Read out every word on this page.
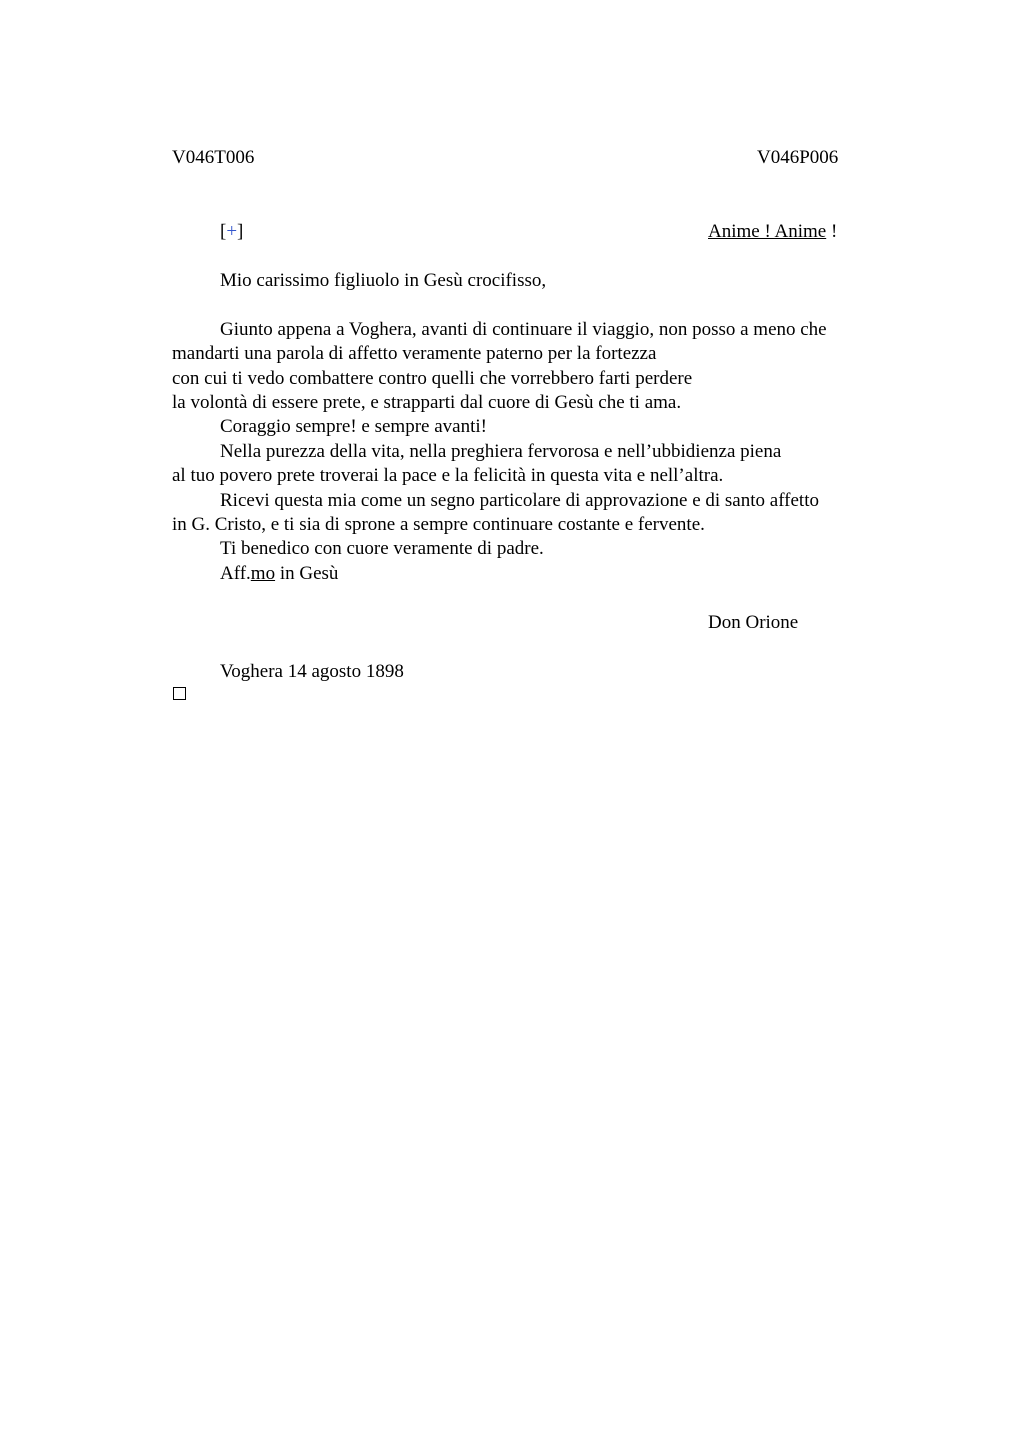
V046T006	V046P006
[+]	Anime ! Anime !
Mio carissimo figliuolo in Gesù crocifisso,
Giunto appena a Voghera, avanti di continuare il viaggio, non posso a meno che
mandarti una parola di affetto veramente paterno per la fortezza
con cui ti vedo combattere contro quelli che vorrebbero farti perdere
la volontà di essere prete, e strapparti dal cuore di Gesù che ti ama.
Coraggio sempre! e sempre avanti!
Nella purezza della vita, nella preghiera fervorosa e nell’ubbidienza piena
al tuo povero prete troverai la pace e la felicità in questa vita e nell’altra.
Ricevi questa mia come un segno particolare di approvazione e di santo affetto
in G. Cristo, e ti sia di sprone a sempre continuare costante e fervente.
Ti benedico con cuore veramente di padre.
Aff.mo in Gesù
Don Orione
Voghera 14 agosto 1898
